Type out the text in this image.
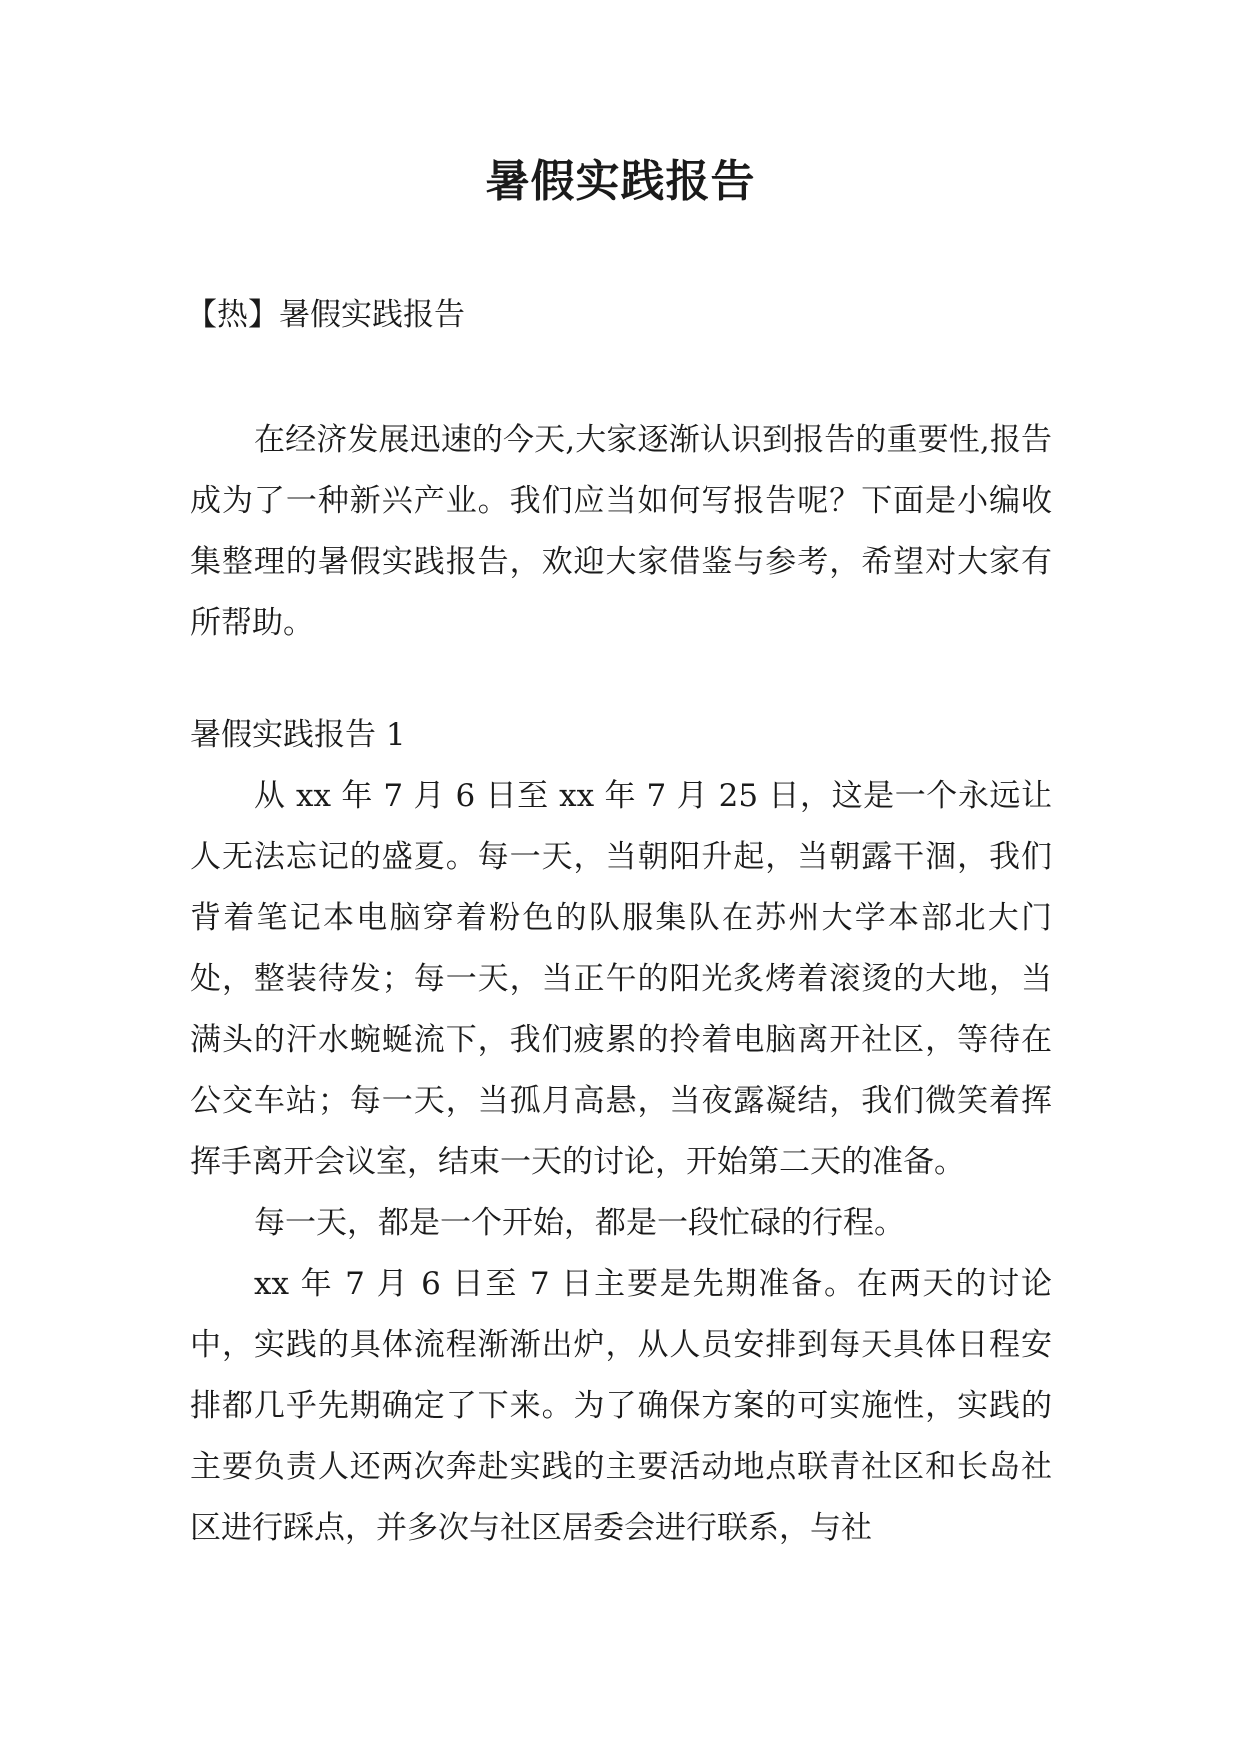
暑假实践报告
【热】暑假实践报告

在经济发展迅速的今天,大家逐渐认识到报告的重要性,报告成为了一种新兴产业。我们应当如何写报告呢？下面是小编收集整理的暑假实践报告，欢迎大家借鉴与参考，希望对大家有所帮助。

暑假实践报告 1

从 xx 年 7 月 6 日至 xx 年 7 月 25 日，这是一个永远让人无法忘记的盛夏。每一天，当朝阳升起，当朝露干涸，我们背着笔记本电脑穿着粉色的队服集队在苏州大学本部北大门处，整装待发；每一天，当正午的阳光炙烤着滚烫的大地，当满头的汗水蜿蜒流下，我们疲累的拎着电脑离开社区，等待在公交车站；每一天，当孤月高悬，当夜露凝结，我们微笑着挥挥手离开会议室，结束一天的讨论，开始第二天的准备。

每一天，都是一个开始，都是一段忙碌的行程。

xx 年 7 月 6 日至 7 日主要是先期准备。在两天的讨论中，实践的具体流程渐渐出炉，从人员安排到每天具体日程安排都几乎先期确定了下来。为了确保方案的可实施性，实践的主要负责人还两次奔赴实践的主要活动地点联青社区和长岛社区进行踩点，并多次与社区居委会进行联系，与社
